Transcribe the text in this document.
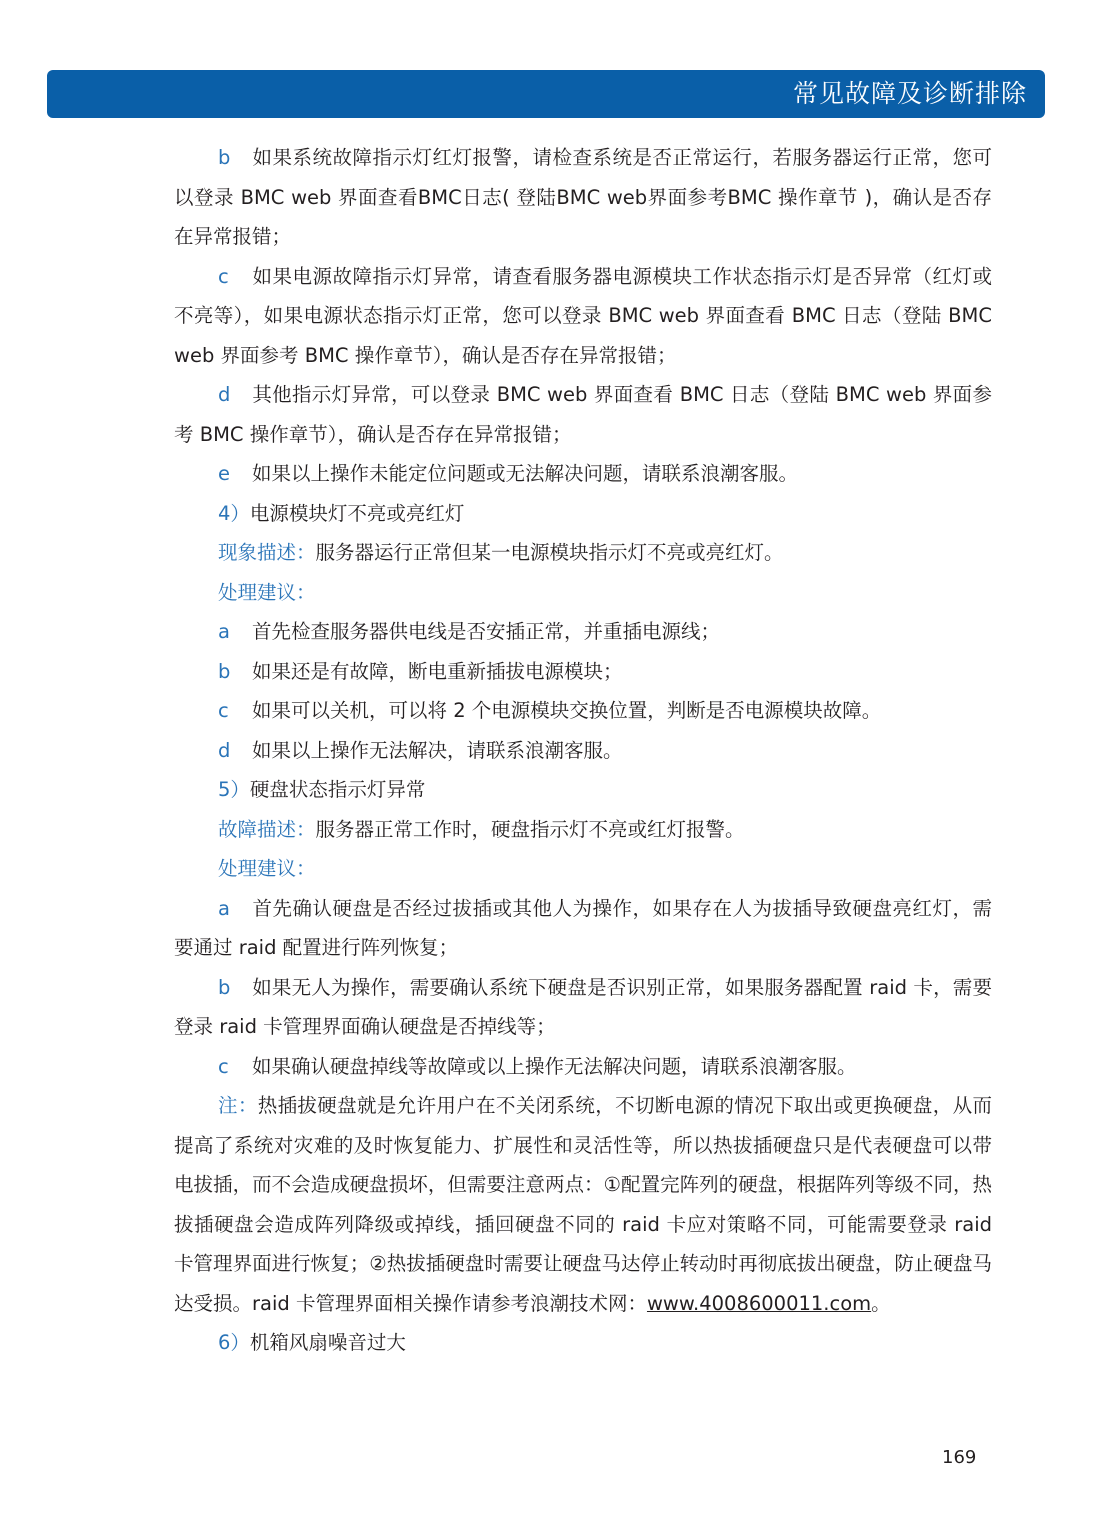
常见故障及诊断排除

b 如果系统故障指示灯红灯报警，请检查系统是否正常运行，若服务器运行正常，您可以登录 BMC web 界面查看BMC日志( 登陆BMC web界面参考BMC 操作章节 )，确认是否存在异常报错；

c 如果电源故障指示灯异常，请查看服务器电源模块工作状态指示灯是否异常（红灯或不亮等），如果电源状态指示灯正常，您可以登录 BMC web 界面查看 BMC 日志（登陆 BMC web 界面参考 BMC 操作章节），确认是否存在异常报错；

d 其他指示灯异常，可以登录 BMC web 界面查看 BMC 日志（登陆 BMC web 界面参考 BMC 操作章节），确认是否存在异常报错；

e 如果以上操作未能定位问题或无法解决问题，请联系浪潮客服。

4）电源模块灯不亮或亮红灯

现象描述：服务器运行正常但某一电源模块指示灯不亮或亮红灯。

处理建议：

a 首先检查服务器供电线是否安插正常，并重插电源线；

b 如果还是有故障，断电重新插拔电源模块；

c 如果可以关机，可以将 2 个电源模块交换位置，判断是否电源模块故障。

d 如果以上操作无法解决，请联系浪潮客服。

5）硬盘状态指示灯异常

故障描述：服务器正常工作时，硬盘指示灯不亮或红灯报警。

处理建议：

a 首先确认硬盘是否经过拔插或其他人为操作，如果存在人为拔插导致硬盘亮红灯，需要通过 raid 配置进行阵列恢复；

b 如果无人为操作，需要确认系统下硬盘是否识别正常，如果服务器配置 raid 卡，需要登录 raid 卡管理界面确认硬盘是否掉线等；

c 如果确认硬盘掉线等故障或以上操作无法解决问题，请联系浪潮客服。

注：热插拔硬盘就是允许用户在不关闭系统，不切断电源的情况下取出或更换硬盘，从而提高了系统对灾难的及时恢复能力、扩展性和灵活性等，所以热拔插硬盘只是代表硬盘可以带电拔插，而不会造成硬盘损坏，但需要注意两点：①配置完阵列的硬盘，根据阵列等级不同，热拔插硬盘会造成阵列降级或掉线，插回硬盘不同的 raid 卡应对策略不同，可能需要登录 raid 卡管理界面进行恢复；②热拔插硬盘时需要让硬盘马达停止转动时再彻底拔出硬盘，防止硬盘马达受损。raid 卡管理界面相关操作请参考浪潮技术网：www.4008600011.com。

6）机箱风扇噪音过大

169
